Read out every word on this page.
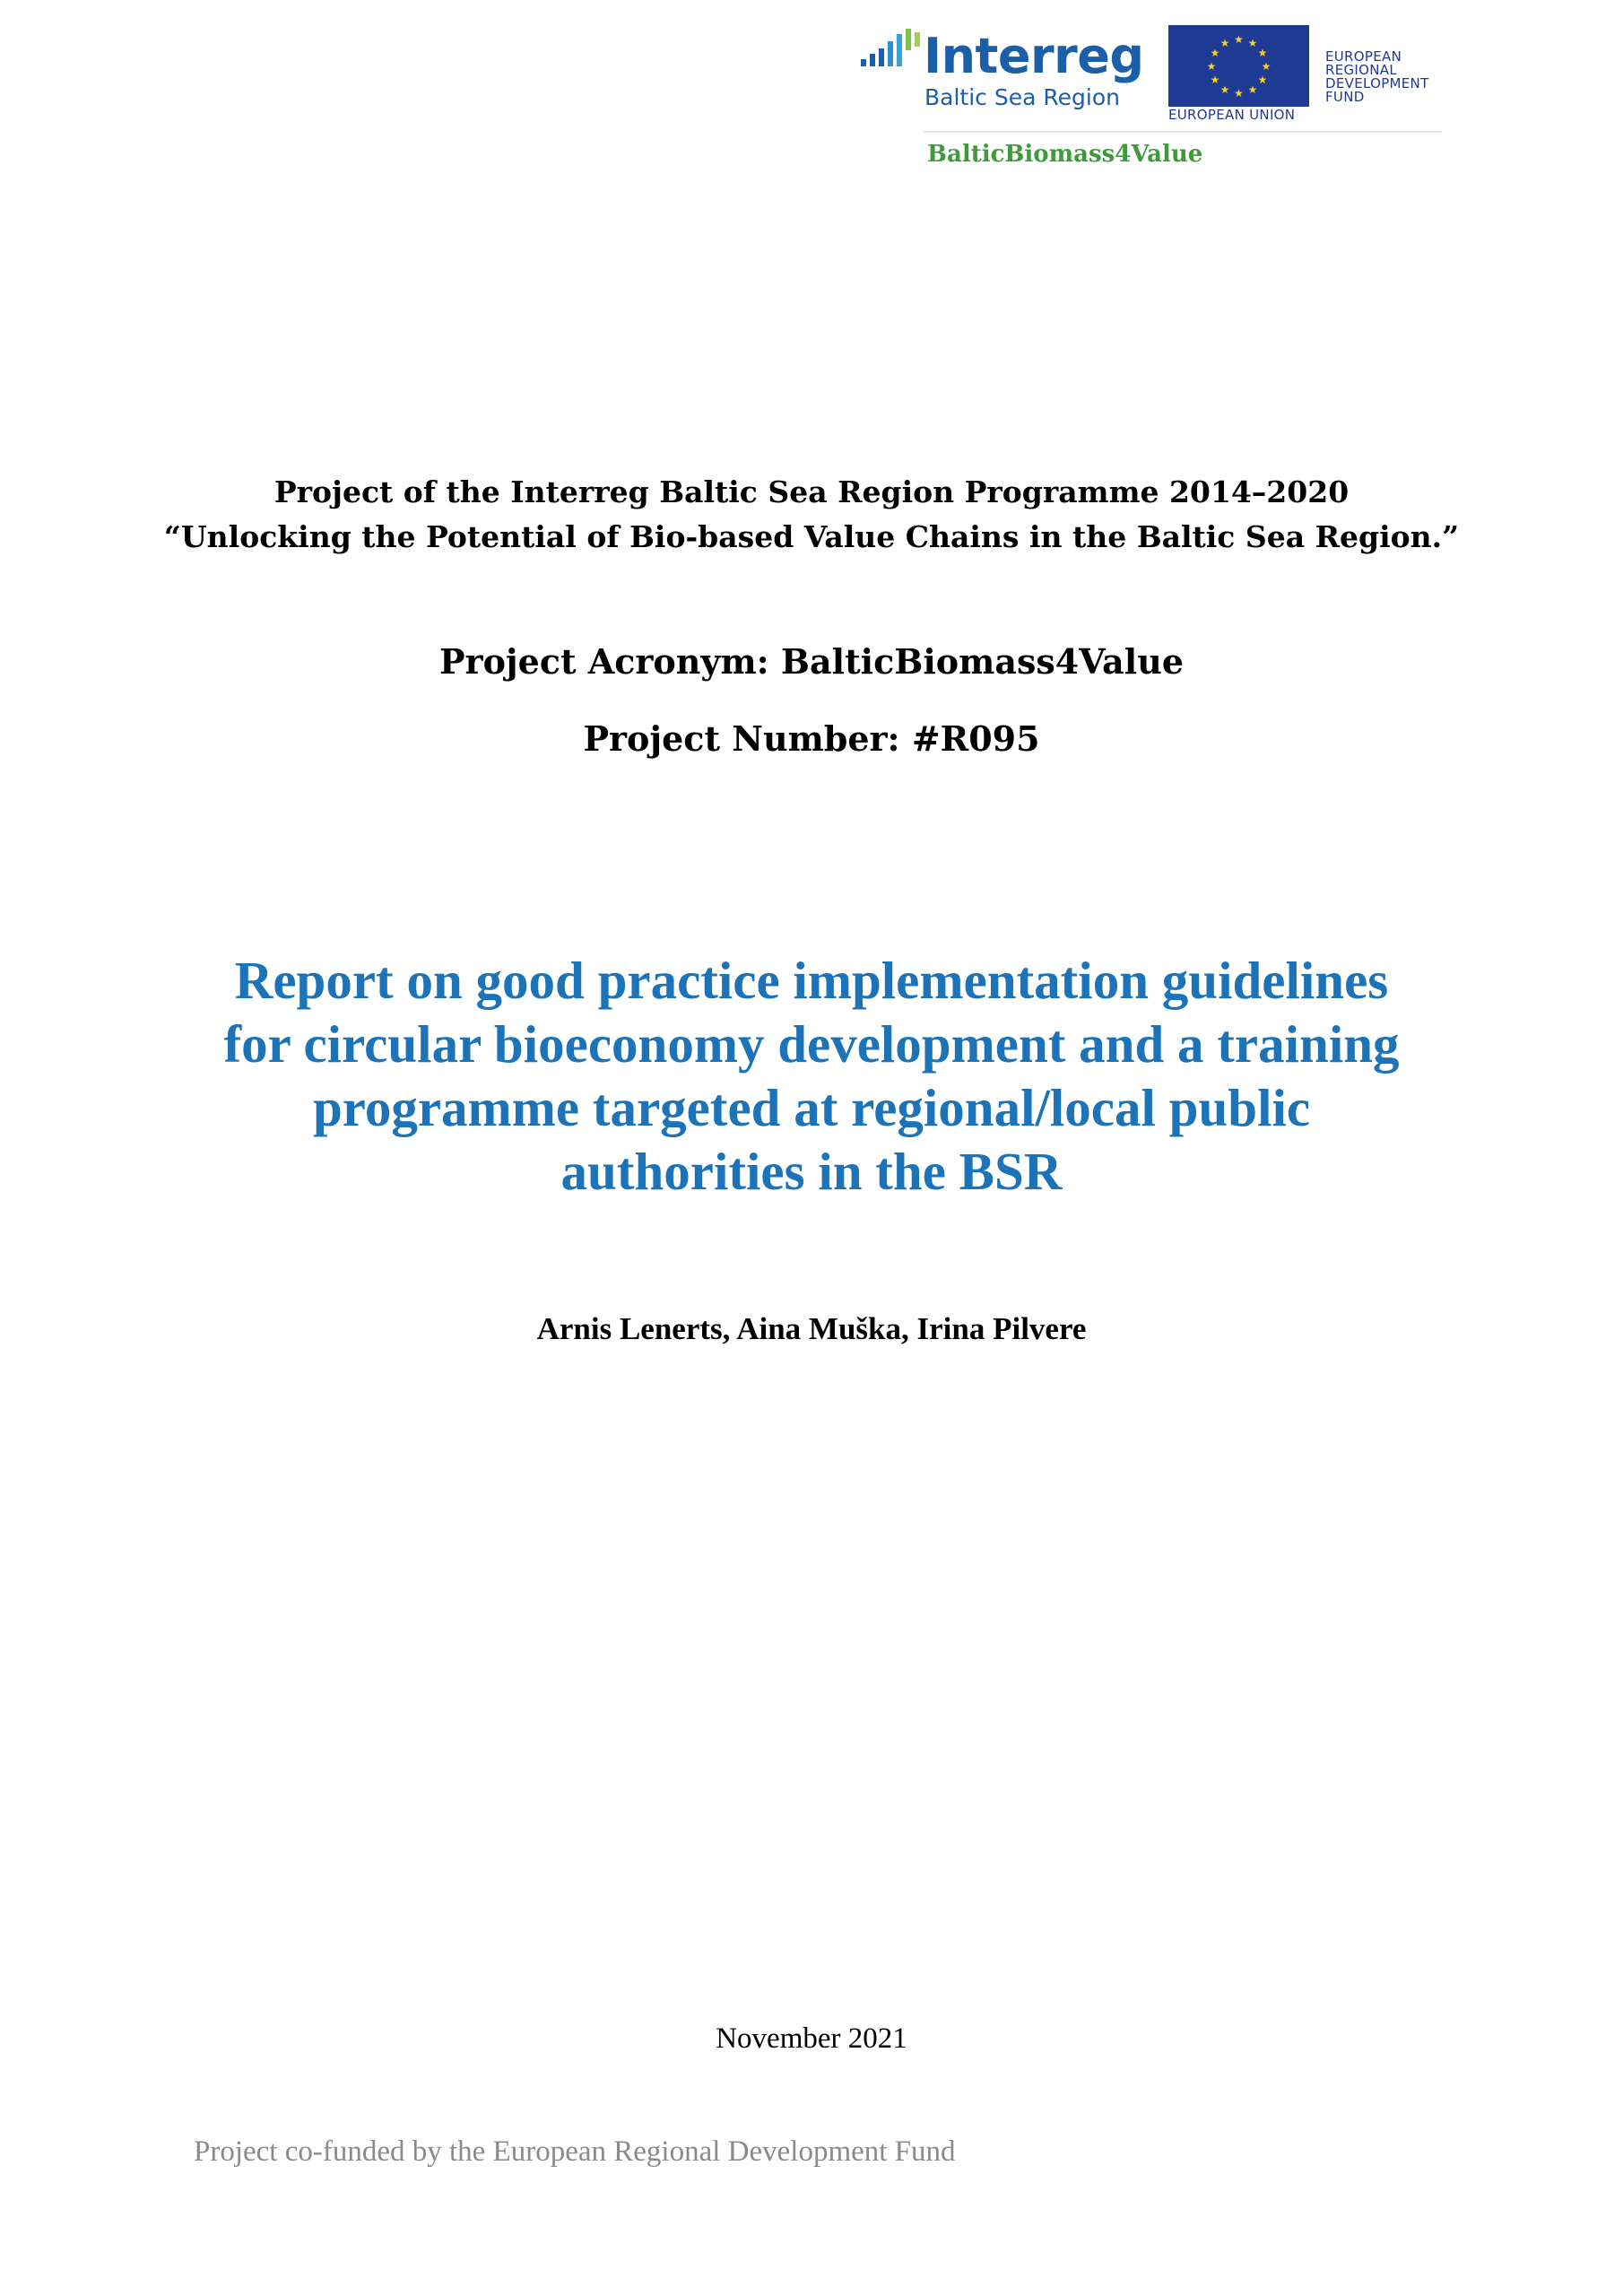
Interreg
Baltic Sea Region
★ ★
★
★
★
★
★
★
★
★
★
★
EUROPEAN UNION
EUROPEAN
REGIONAL
DEVELOPMENT
FUND
BalticBiomass4Value
Project of the Interreg Baltic Sea Region Programme 2014–2020
“Unlocking the Potential of Bio-based Value Chains in the Baltic Sea Region.”
Project Acronym: BalticBiomass4Value
Project Number: #R095
Report on good practice implementation guidelines
for circular bioeconomy development and a training
programme targeted at regional/local public
authorities in the BSR
Arnis Lenerts, Aina Muška, Irina Pilvere
November 2021
Project co-funded by the European Regional Development Fund
